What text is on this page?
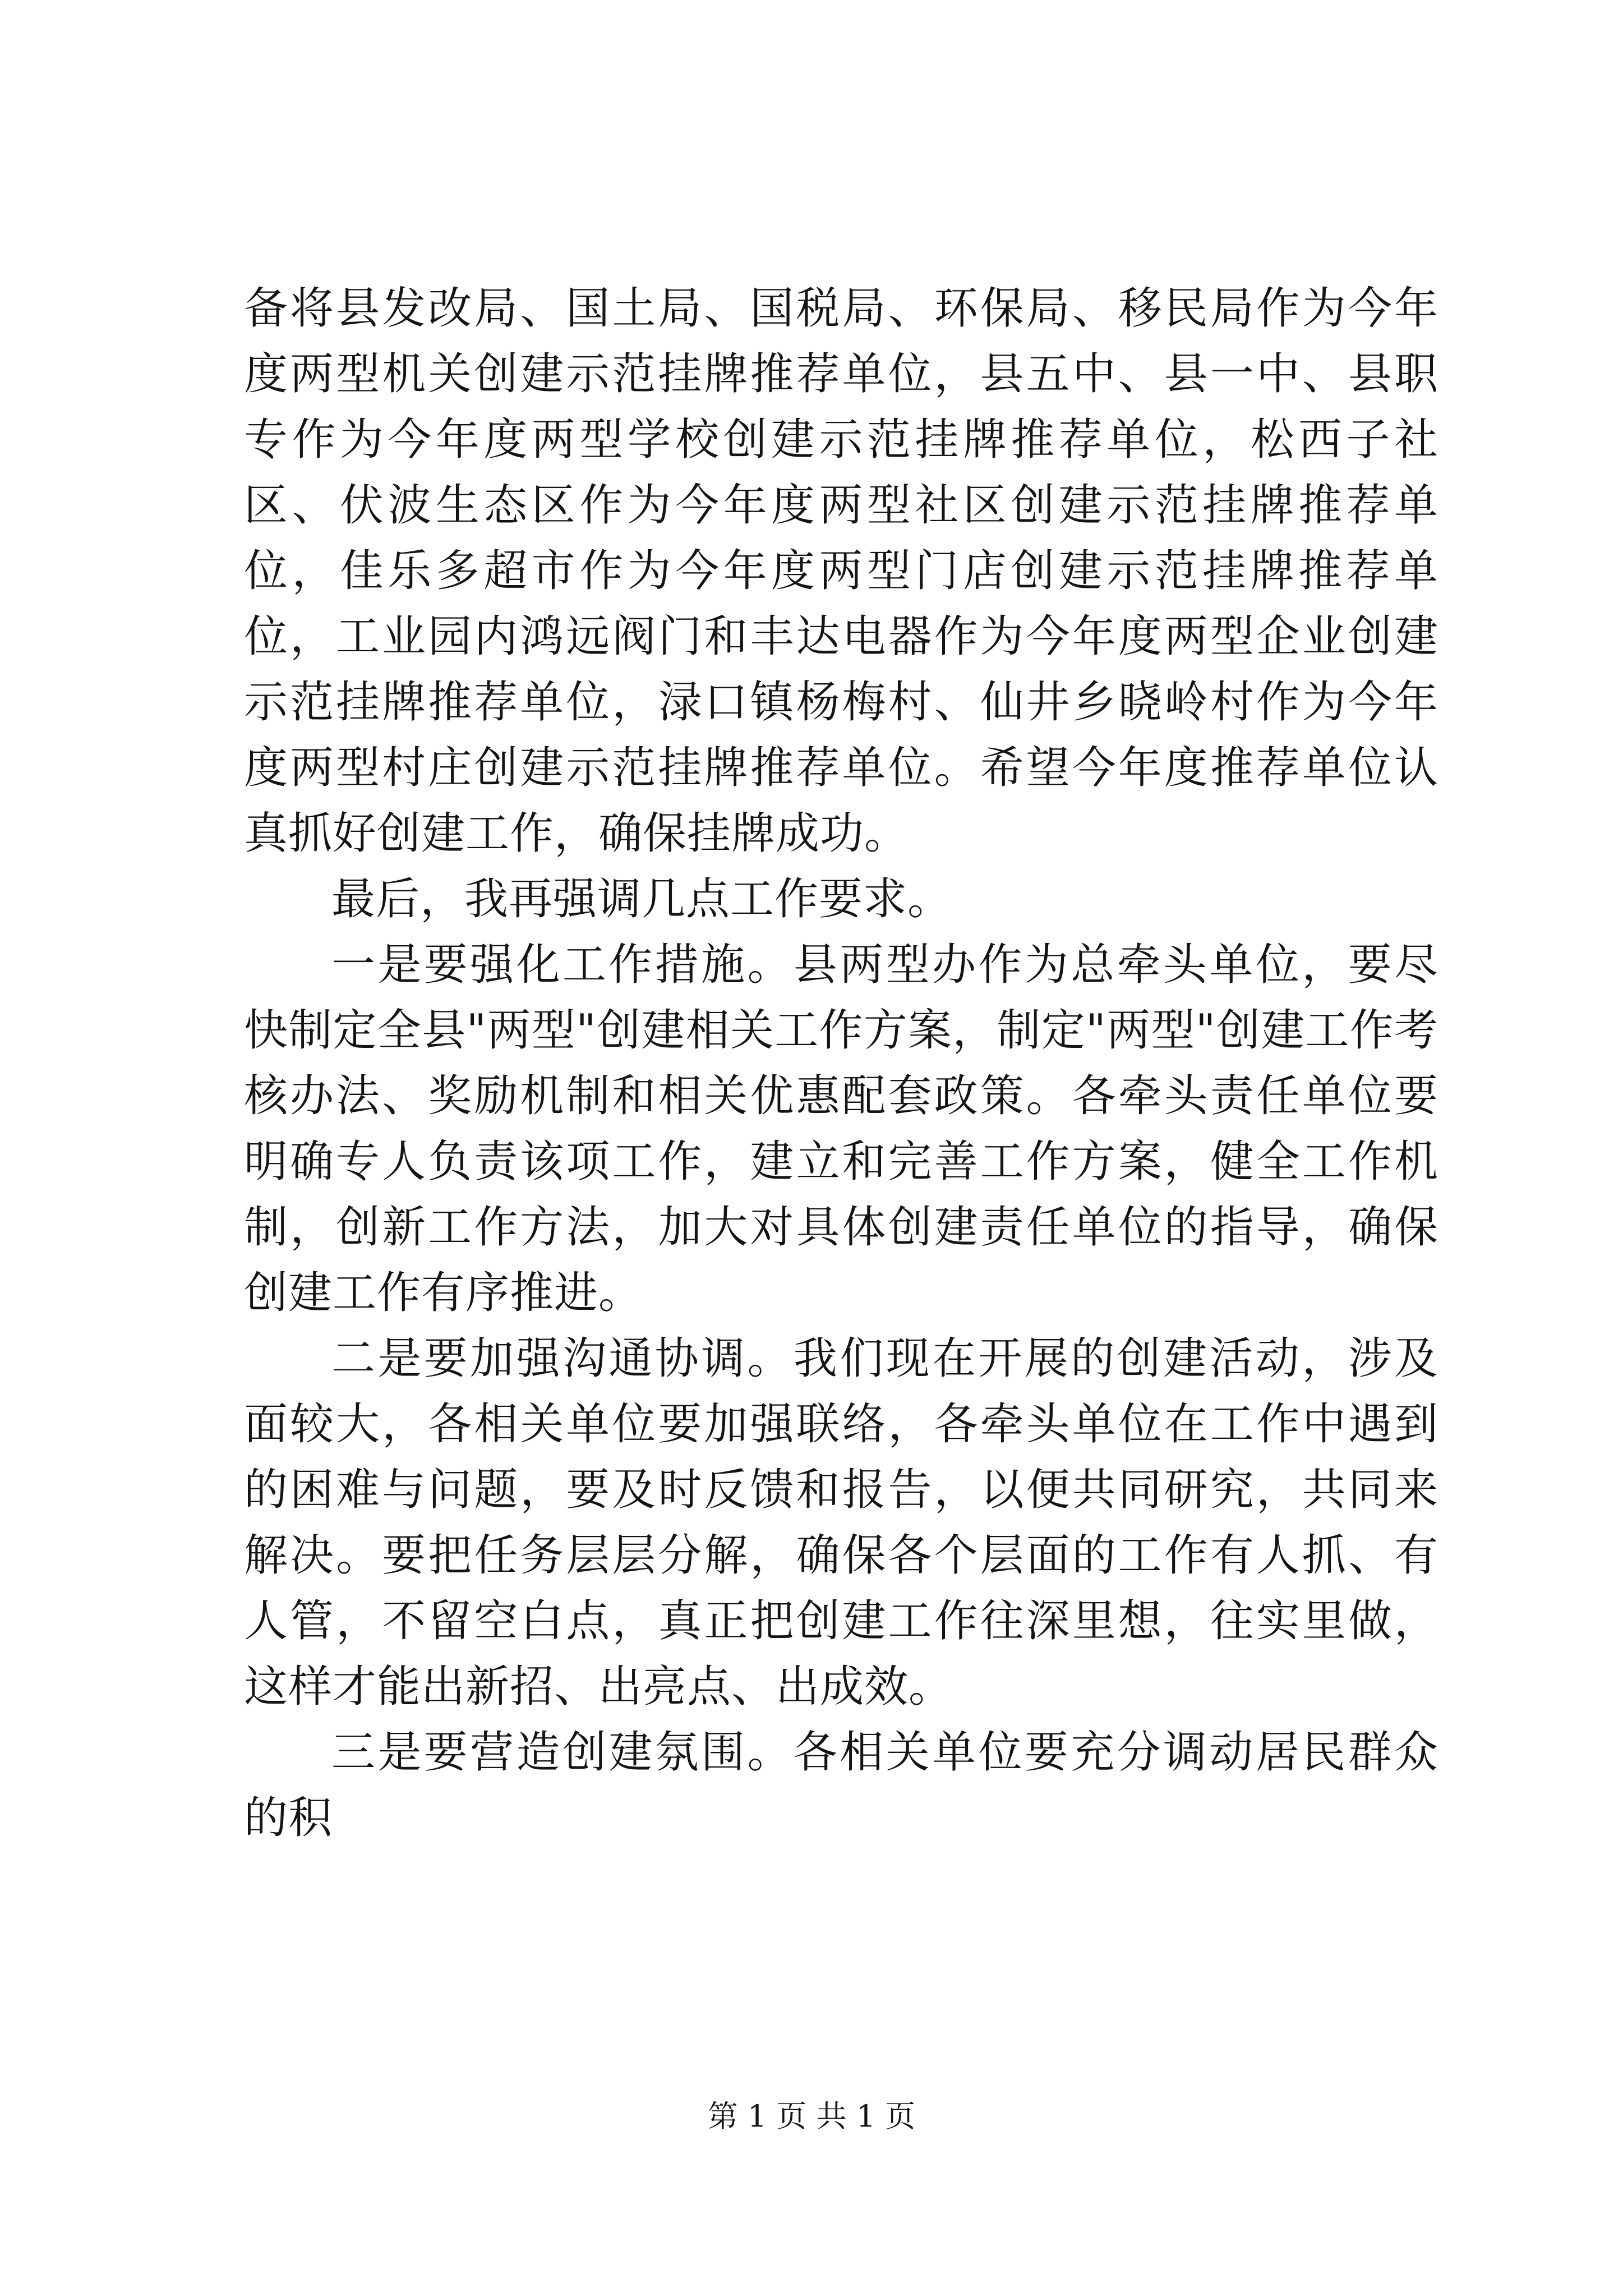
备将县发改局、国土局、国税局、环保局、移民局作为今年度两型机关创建示范挂牌推荐单位，县五中、县一中、县职专作为今年度两型学校创建示范挂牌推荐单位，松西子社区、伏波生态区作为今年度两型社区创建示范挂牌推荐单位，佳乐多超市作为今年度两型门店创建示范挂牌推荐单位，工业园内鸿远阀门和丰达电器作为今年度两型企业创建示范挂牌推荐单位，渌口镇杨梅村、仙井乡晓岭村作为今年度两型村庄创建示范挂牌推荐单位。希望今年度推荐单位认真抓好创建工作，确保挂牌成功。

最后，我再强调几点工作要求。

一是要强化工作措施。县两型办作为总牵头单位，要尽快制定全县"两型"创建相关工作方案，制定"两型"创建工作考核办法、奖励机制和相关优惠配套政策。各牵头责任单位要明确专人负责该项工作，建立和完善工作方案，健全工作机制，创新工作方法，加大对具体创建责任单位的指导，确保创建工作有序推进。

二是要加强沟通协调。我们现在开展的创建活动，涉及面较大，各相关单位要加强联络，各牵头单位在工作中遇到的困难与问题，要及时反馈和报告，以便共同研究，共同来解决。要把任务层层分解，确保各个层面的工作有人抓、有人管，不留空白点，真正把创建工作往深里想，往实里做，这样才能出新招、出亮点、出成效。

三是要营造创建氛围。各相关单位要充分调动居民群众的积

第 1 页 共 1 页
